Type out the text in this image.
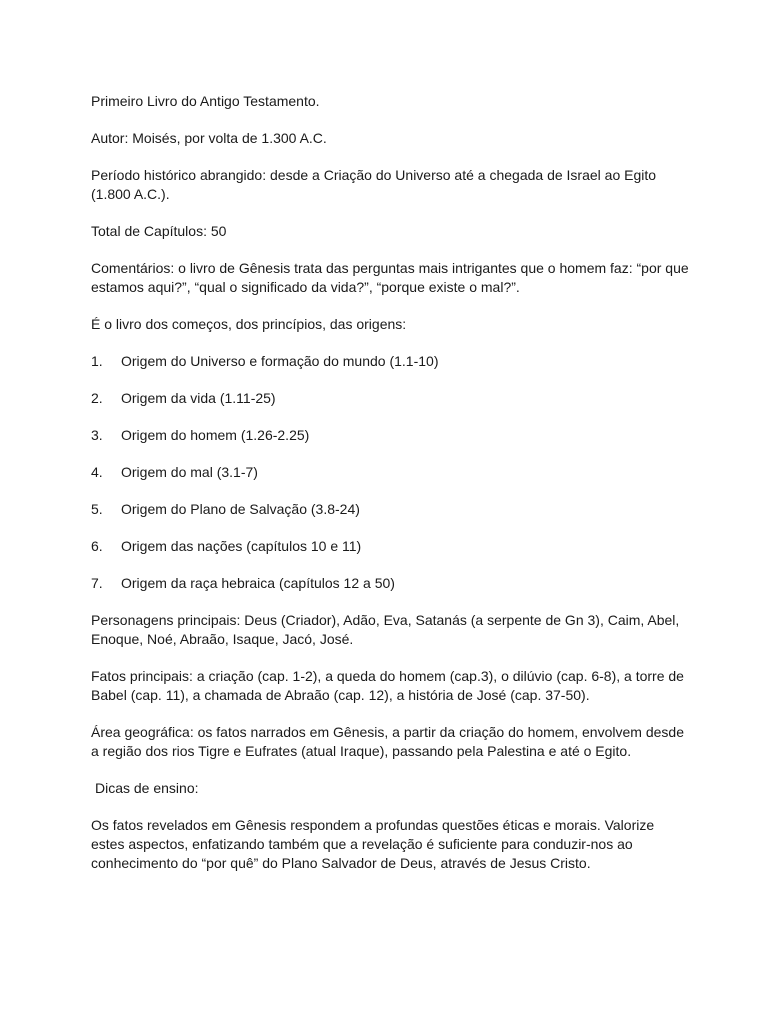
Primeiro Livro do Antigo Testamento.

Autor: Moisés, por volta de 1.300 A.C.

Período histórico abrangido: desde a Criação do Universo até a chegada de Israel ao Egito (1.800 A.C.).

Total de Capítulos: 50

Comentários: o livro de Gênesis trata das perguntas mais intrigantes que o homem faz: “por que estamos aqui?”, “qual o significado da vida?”, “porque existe o mal?”.

É o livro dos começos, dos princípios, das origens:

1.	Origem do Universo e formação do mundo (1.1-10)
2.	Origem da vida (1.11-25)
3.	Origem do homem (1.26-2.25)
4.	Origem do mal (3.1-7)
5.	Origem do Plano de Salvação (3.8-24)
6.	Origem das nações (capítulos 10 e 11)
7.	Origem da raça hebraica (capítulos 12 a 50)

Personagens principais: Deus (Criador), Adão, Eva, Satanás (a serpente de Gn 3), Caim, Abel, Enoque, Noé, Abraão, Isaque, Jacó, José.

Fatos principais: a criação (cap. 1-2), a queda do homem (cap.3), o dilúvio (cap. 6-8), a torre de Babel (cap. 11), a chamada de Abraão (cap. 12), a história de José (cap. 37-50).

Área geográfica: os fatos narrados em Gênesis, a partir da criação do homem, envolvem desde a região dos rios Tigre e Eufrates (atual Iraque), passando pela Palestina e até o Egito.

Dicas de ensino:

Os fatos revelados em Gênesis respondem a profundas questões éticas e morais. Valorize estes aspectos, enfatizando também que a revelação é suficiente para conduzir-nos ao conhecimento do “por quê” do Plano Salvador de Deus, através de Jesus Cristo.
